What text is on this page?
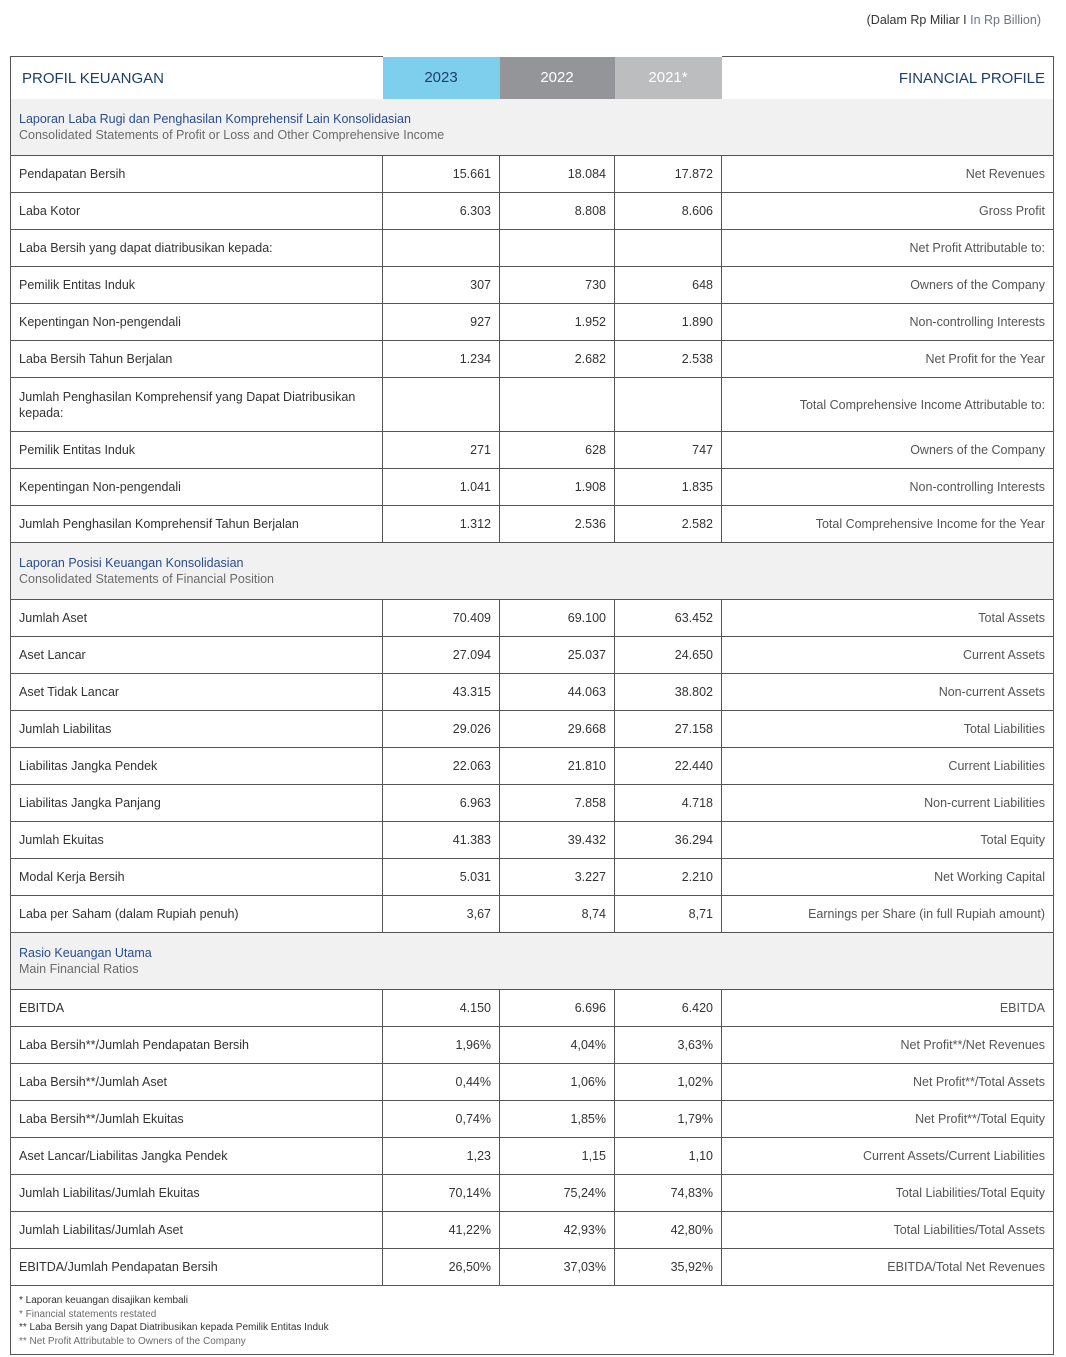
(Dalam Rp Miliar I In Rp Billion)
PROFIL KEUANGAN	2023	2022	2021*	FINANCIAL PROFILE

Laporan Laba Rugi dan Penghasilan Komprehensif Lain Konsolidasian
Consolidated Statements of Profit or Loss and Other Comprehensive Income				

Pendapatan Bersih	15.661	18.084	17.872	Net Revenues
Laba Kotor	6.303	8.808	8.606	Gross Profit
Laba Bersih yang dapat diatribusikan kepada:				Net Profit Attributable to:
Pemilik Entitas Induk	307	730	648	Owners of the Company
Kepentingan Non-pengendali	927	1.952	1.890	Non-controlling Interests
Laba Bersih Tahun Berjalan	1.234	2.682	2.538	Net Profit for the Year
Jumlah Penghasilan Komprehensif yang Dapat Diatribusikan kepada:				Total Comprehensive Income Attributable to:
Pemilik Entitas Induk	271	628	747	Owners of the Company
Kepentingan Non-pengendali	1.041	1.908	1.835	Non-controlling Interests
Jumlah Penghasilan Komprehensif Tahun Berjalan	1.312	2.536	2.582	Total Comprehensive Income for the Year

Laporan Posisi Keuangan Konsolidasian
Consolidated Statements of Financial Position				

Jumlah Aset	70.409	69.100	63.452	Total Assets
Aset Lancar	27.094	25.037	24.650	Current Assets
Aset Tidak Lancar	43.315	44.063	38.802	Non-current Assets
Jumlah Liabilitas	29.026	29.668	27.158	Total Liabilities
Liabilitas Jangka Pendek	22.063	21.810	22.440	Current Liabilities
Liabilitas Jangka Panjang	6.963	7.858	4.718	Non-current Liabilities
Jumlah Ekuitas	41.383	39.432	36.294	Total Equity
Modal Kerja Bersih	5.031	3.227	2.210	Net Working Capital
Laba per Saham (dalam Rupiah penuh)	3,67	8,74	8,71	Earnings per Share (in full Rupiah amount)

Rasio Keuangan Utama
Main Financial Ratios				

EBITDA	4.150	6.696	6.420	EBITDA
Laba Bersih**/Jumlah Pendapatan Bersih	1,96%	4,04%	3,63%	Net Profit**/Net Revenues
Laba Bersih**/Jumlah Aset	0,44%	1,06%	1,02%	Net Profit**/Total Assets
Laba Bersih**/Jumlah Ekuitas	0,74%	1,85%	1,79%	Net Profit**/Total Equity
Aset Lancar/Liabilitas Jangka Pendek	1,23	1,15	1,10	Current Assets/Current Liabilities
Jumlah Liabilitas/Jumlah Ekuitas	70,14%	75,24%	74,83%	Total Liabilities/Total Equity
Jumlah Liabilitas/Jumlah Aset	41,22%	42,93%	42,80%	Total Liabilities/Total Assets
EBITDA/Jumlah Pendapatan Bersih	26,50%	37,03%	35,92%	EBITDA/Total Net Revenues

* Laporan keuangan disajikan kembali
* Financial statements restated
** Laba Bersih yang Dapat Diatribusikan kepada Pemilik Entitas Induk
** Net Profit Attributable to Owners of the Company				
